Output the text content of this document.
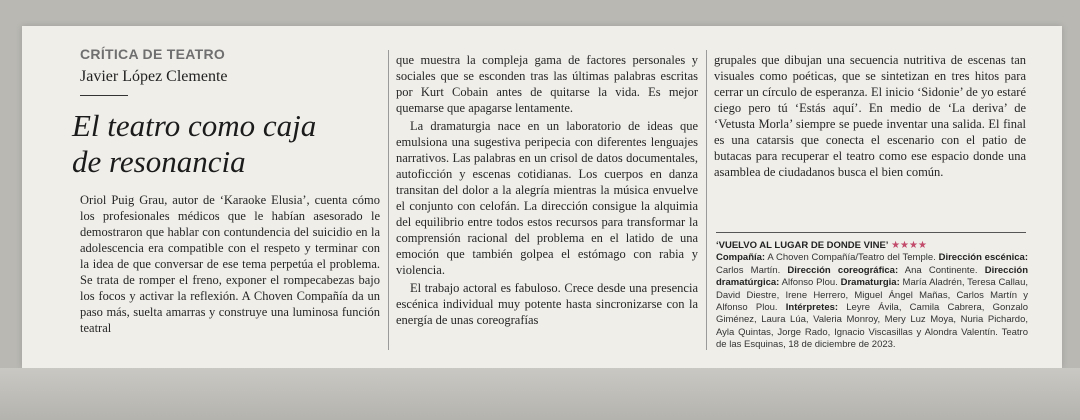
CRÍTICA DE TEATRO
Javier López Clemente
El teatro como caja
de resonancia

Oriol Puig Grau, autor de ‘Karaoke Elusia’, cuenta cómo los profesionales médicos que le habían asesorado le demostraron que hablar con contundencia del suicidio en la adolescencia era compatible con el respeto y terminar con la idea de que conversar de ese tema perpetúa el problema. Se trata de romper el freno, exponer el rompecabezas bajo los focos y activar la reflexión. A Choven Compañía da un paso más, suelta amarras y construye una luminosa función teatral

que muestra la compleja gama de factores personales y sociales que se esconden tras las últimas palabras escritas por Kurt Cobain antes de quitarse la vida. Es mejor quemarse que apagarse lentamente.

La dramaturgia nace en un laboratorio de ideas que emulsiona una sugestiva peripecia con diferentes lenguajes narrativos. Las palabras en un crisol de datos documentales, autoficción y escenas cotidianas. Los cuerpos en danza transitan del dolor a la alegría mientras la música envuelve el conjunto con celofán. La dirección consigue la alquimia del equilibrio entre todos estos recursos para transformar la comprensión racional del problema en el latido de una emoción que también golpea el estómago con rabia y violencia.

El trabajo actoral es fabuloso. Crece desde una presencia escénica individual muy potente hasta sincronizarse con la energía de unas coreografías

grupales que dibujan una secuencia nutritiva de escenas tan visuales como poéticas, que se sintetizan en tres hitos para cerrar un círculo de esperanza. El inicio ‘Sidonie’ de yo estaré ciego pero tú ‘Estás aquí’. En medio de ‘La deriva’ de ‘Vetusta Morla’ siempre se puede inventar una salida. El final es una catarsis que conecta el escenario con el patio de butacas para recuperar el teatro como ese espacio donde una asamblea de ciudadanos busca el bien común.

‘VUELVO AL LUGAR DE DONDE VINE’ ★★★★
Compañía: A Choven Compañía/Teatro del Temple. Dirección escénica: Carlos Martín. Dirección coreográfica: Ana Continente. Dirección dramatúrgica: Alfonso Plou. Dramaturgia: María Aladrén, Teresa Callau, David Diestre, Irene Herrero, Miguel Ángel Mañas, Carlos Martín y Alfonso Plou. Intérpretes: Leyre Ávila, Camila Cabrera, Gonzalo Giménez, Laura Lúa, Valeria Monroy, Mery Luz Moya, Nuria Pichardo, Ayla Quintas, Jorge Rado, Ignacio Viscasillas y Alondra Valentín. Teatro de las Esquinas, 18 de diciembre de 2023.
